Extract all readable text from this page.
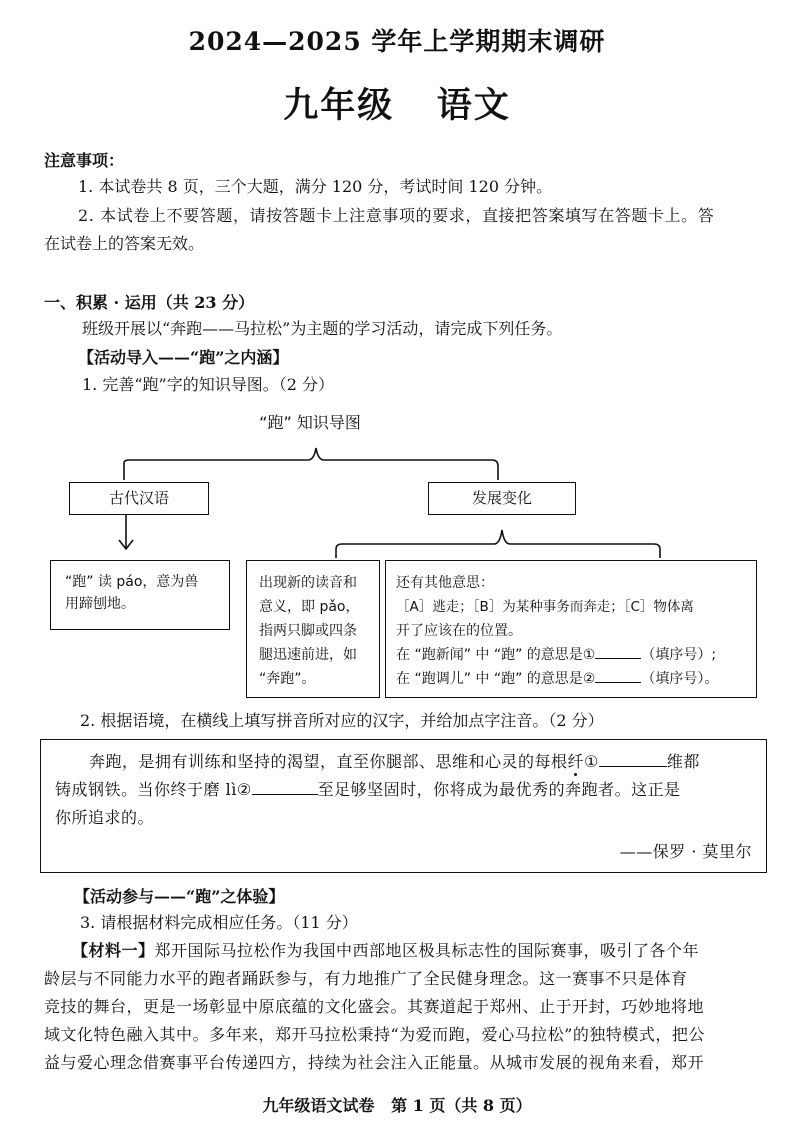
2024—2025 学年上学期期末调研
九年级   语文
注意事项：
1. 本试卷共 8 页，三个大题，满分 120 分，考试时间 120 分钟。
2. 本试卷上不要答题，请按答题卡上注意事项的要求，直接把答案填写在答题卡上。答
在试卷上的答案无效。
一、积累 · 运用（共 23 分）
班级开展以“奔跑——马拉松”为主题的学习活动，请完成下列任务。
【活动导入——“跑”之内涵】
1. 完善“跑”字的知识导图。（2 分）
“跑” 知识导图
古代汉语	发展变化
“跑” 读 páo，意为兽
用蹄刨地。
出现新的读音和
意义，即 pǎo，
指两只脚或四条
腿迅速前进，如
“奔跑”。
还有其他意思：
［A］逃走；［B］为某种事务而奔走；［C］物体离
开了应该在的位置。
在 “跑新闻” 中 “跑” 的意思是①	（填序号）;
在 “跑调儿” 中 “跑” 的意思是②	（填序号）。
2. 根据语境，在横线上填写拼音所对应的汉字，并给加点字注音。（2 分）
奔跑，是拥有训练和坚持的渴望，直至你腿部、思维和心灵的每根纤①	维都
铸成钢铁。当你终于磨 lì②	至足够坚固时，你将成为最优秀的奔跑者。这正是
你所追求的。
——保罗 · 莫里尔
【活动参与——“跑”之体验】
3. 请根据材料完成相应任务。（11 分）
【材料一】郑开国际马拉松作为我国中西部地区极具标志性的国际赛事，吸引了各个年
龄层与不同能力水平的跑者踊跃参与，有力地推广了全民健身理念。这一赛事不只是体育
竞技的舞台，更是一场彰显中原底蕴的文化盛会。其赛道起于郑州、止于开封，巧妙地将地
域文化特色融入其中。多年来，郑开马拉松秉持“为爱而跑，爱心马拉松”的独特模式，把公
益与爱心理念借赛事平台传递四方，持续为社会注入正能量。从城市发展的视角来看，郑开
九年级语文试卷   第 1 页（共 8 页）
